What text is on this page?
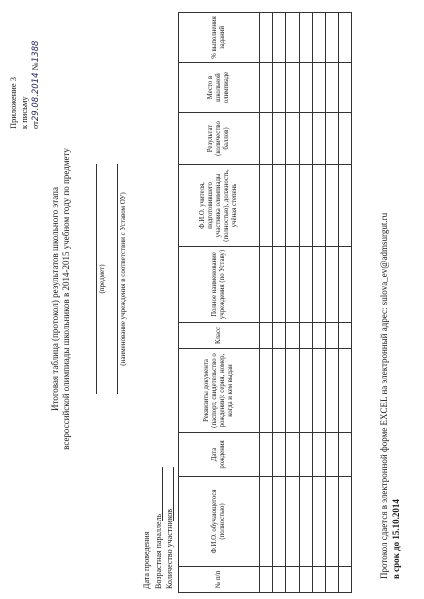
Приложение 3 к письму от29.08.2014 №1388
Итоговая таблица (протокол) результатов школьного этапа всероссийской олимпиады школьников в 2014-2015 учебном году по предмету	(предмет) (наименование учреждения в соответствии с Уставом ОУ)
Дата проведения Возрастная параллель Количество участников	№ п/п	Ф.И.О. обучающегося (полностью)	Дата рождения	Реквизиты документа (паспорт, свидетельство о рождении): серия, номер, когда и кем выдан	Класс	Полное наименование учреждения (по Уставу)	Ф.И.О. учителя, подготовившего участника олимпиады (полностью), должность, учёная степень	Результат (количество баллов)	Место в школьной олимпиаде	% выполнения заданий

Протокол сдается в электронной форме EXCEL на электронный адрес: sulova_ev@admsurgut.ru в срок до 15.10.2014
